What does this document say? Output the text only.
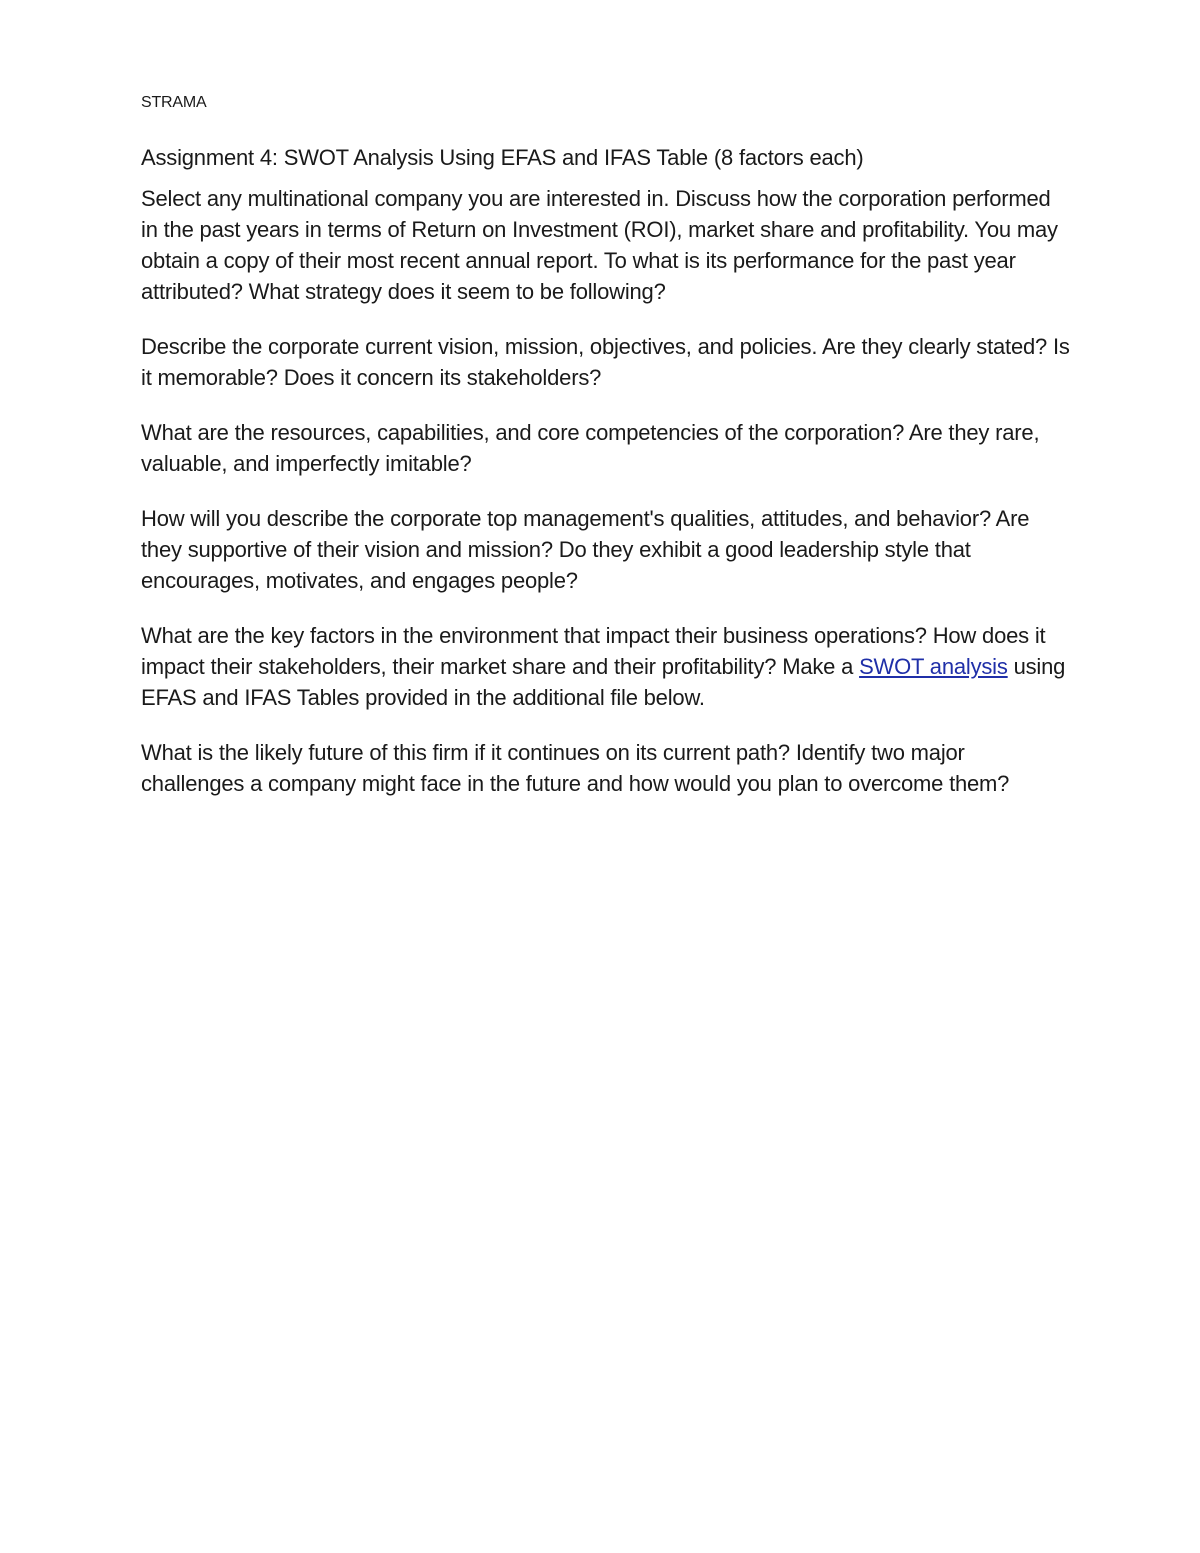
STRAMA
Assignment 4: SWOT Analysis Using EFAS and IFAS Table (8 factors each)

Select any multinational company you are interested in. Discuss how the corporation performed in the past years in terms of Return on Investment (ROI), market share and profitability. You may obtain a copy of their most recent annual report. To what is its performance for the past year attributed? What strategy does it seem to be following?

Describe the corporate current vision, mission, objectives, and policies. Are they clearly stated? Is it memorable? Does it concern its stakeholders?

What are the resources, capabilities, and core competencies of the corporation? Are they rare, valuable, and imperfectly imitable?

How will you describe the corporate top management's qualities, attitudes, and behavior? Are they supportive of their vision and mission? Do they exhibit a good leadership style that encourages, motivates, and engages people?

What are the key factors in the environment that impact their business operations? How does it impact their stakeholders, their market share and their profitability? Make a SWOT analysis using EFAS and IFAS Tables provided in the additional file below.

What is the likely future of this firm if it continues on its current path? Identify two major challenges a company might face in the future and how would you plan to overcome them?
